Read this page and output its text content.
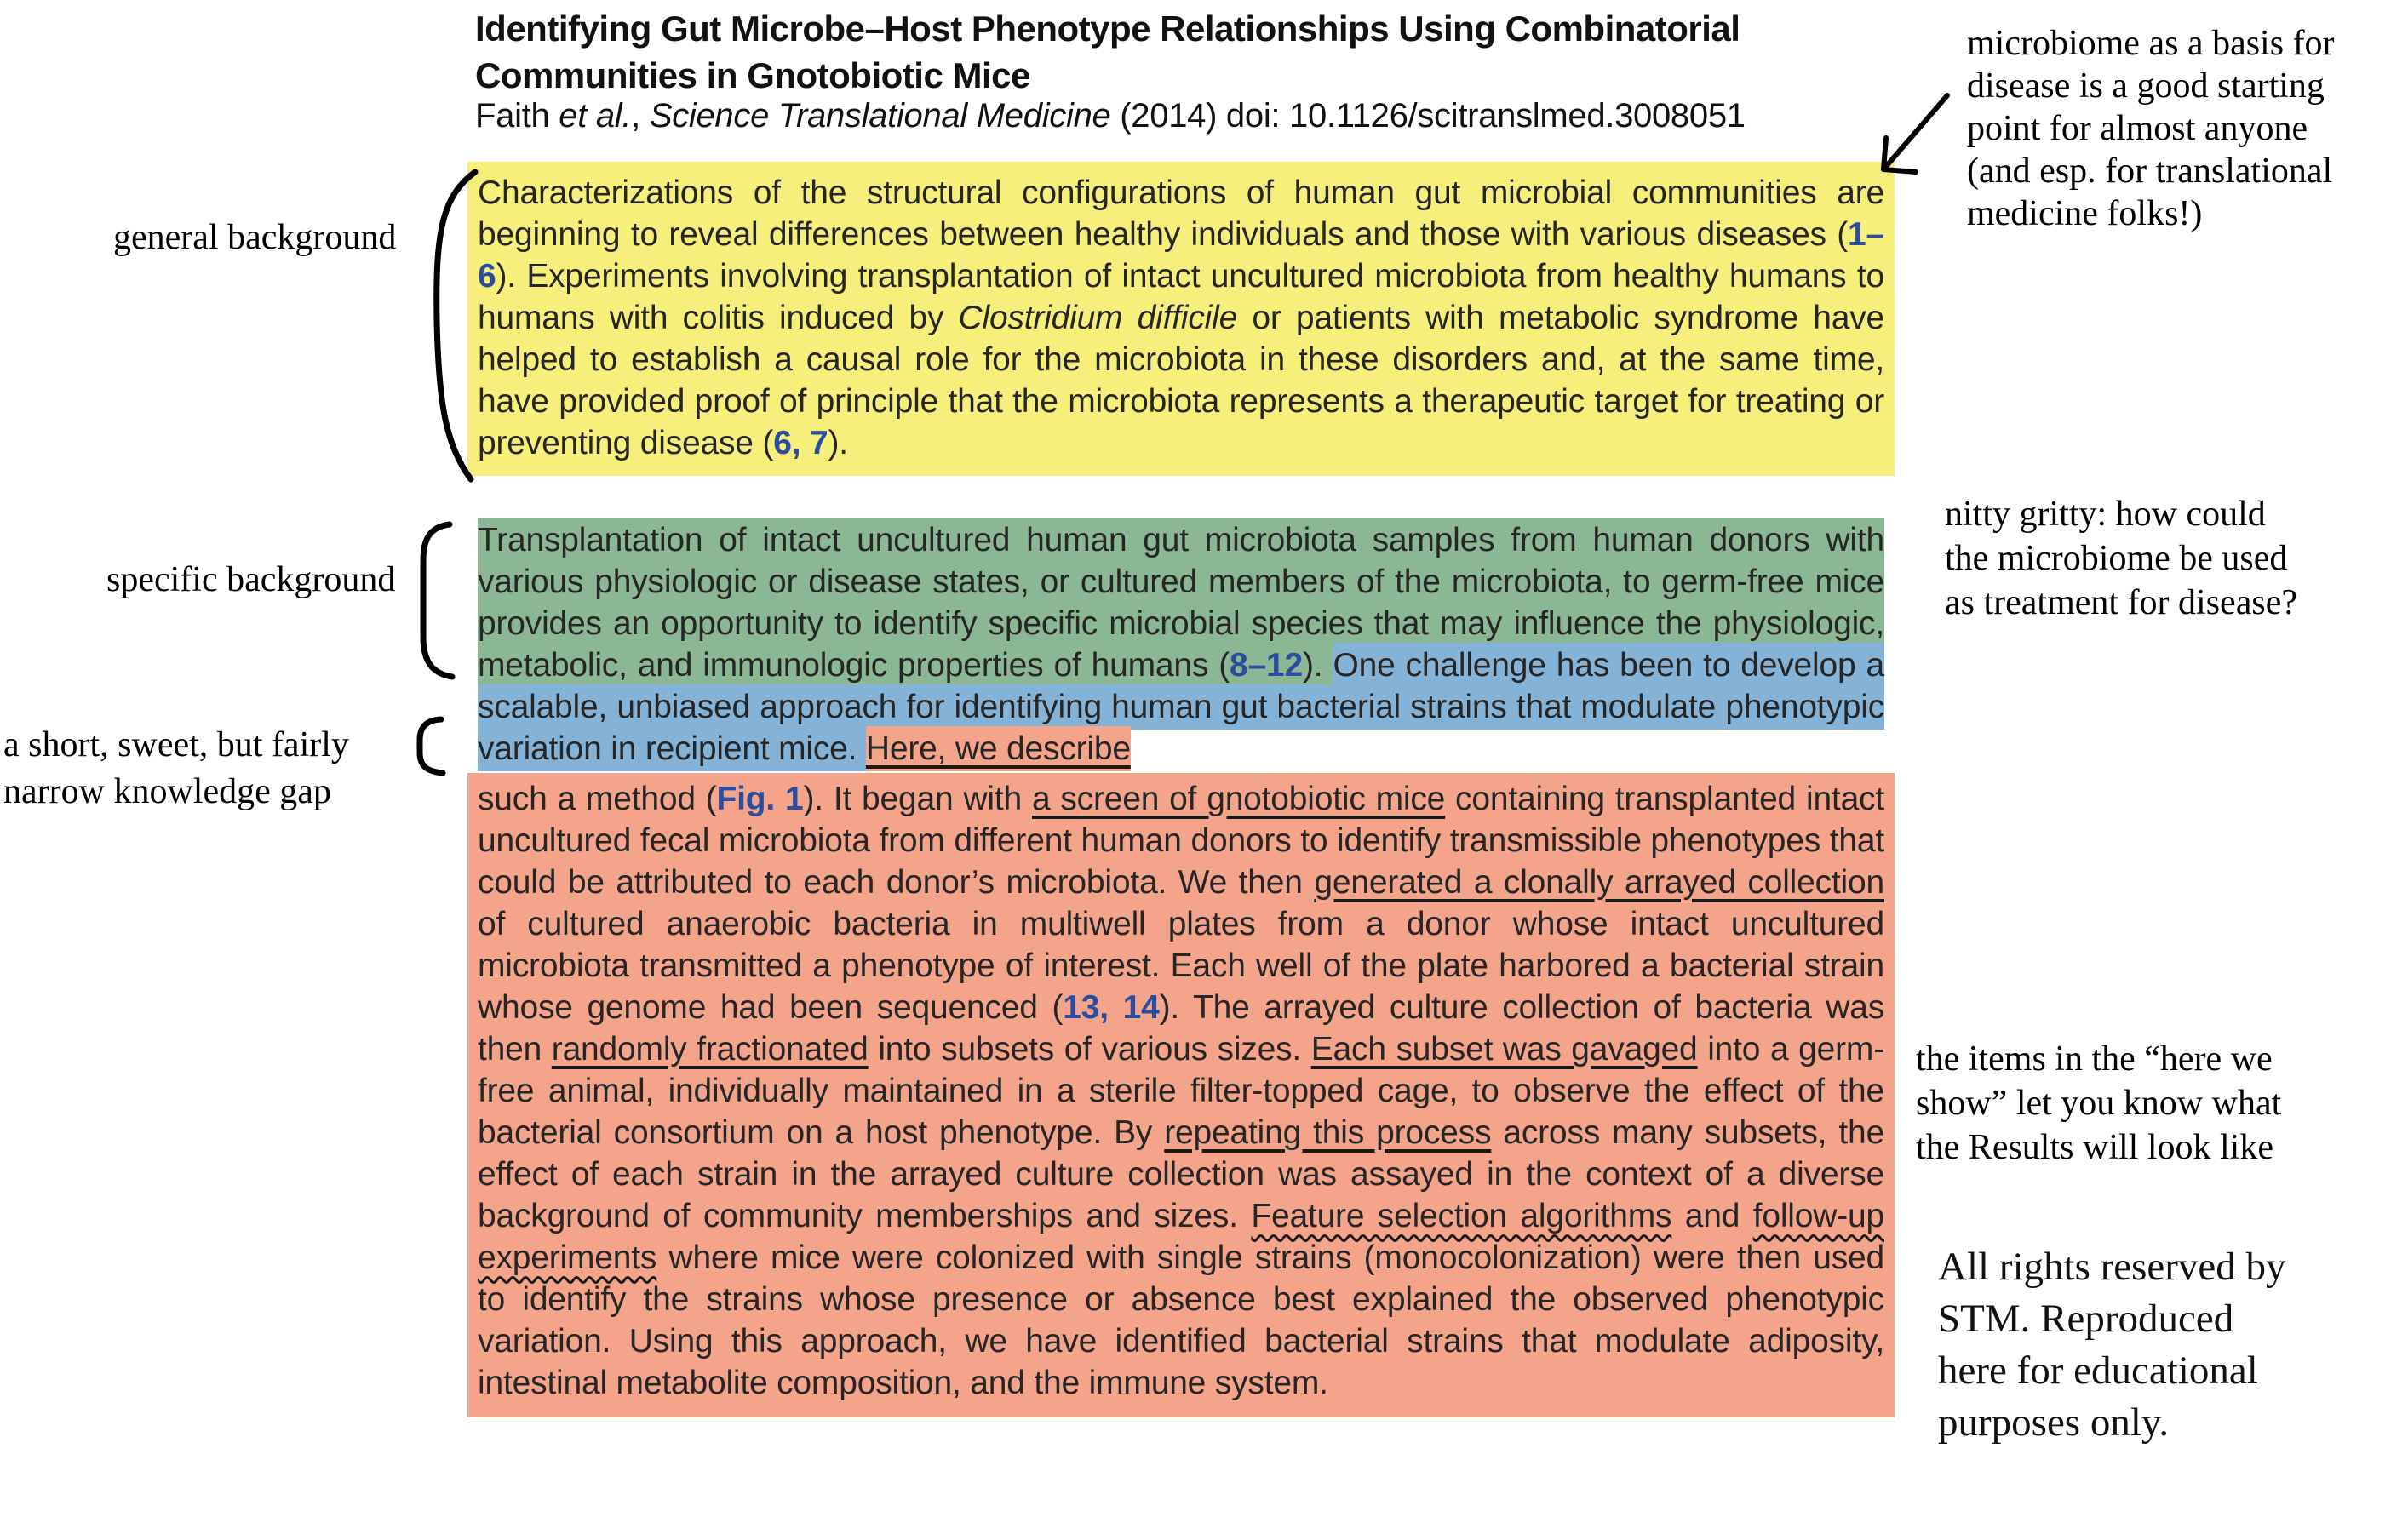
Identifying Gut Microbe–Host Phenotype Relationships Using Combinatorial
Communities in Gnotobiotic Mice
Faith et al., Science Translational Medicine (2014) doi: 10.1126/scitranslmed.3008051
Characterizations of the structural configurations of human gut microbial communities are beginning to reveal differences between healthy individuals and those with various diseases (1–6). Experiments involving transplantation of intact uncultured microbiota from healthy humans to humans with colitis induced by Clostridium difficile or patients with metabolic syndrome have helped to establish a causal role for the microbiota in these disorders and, at the same time, have provided proof of principle that the microbiota represents a therapeutic target for treating or preventing disease (6, 7).
Transplantation of intact uncultured human gut microbiota samples from human donors with various physiologic or disease states, or cultured members of the microbiota, to germ-free mice provides an opportunity to identify specific microbial species that may influence the physiologic, metabolic, and immunologic properties of humans (8–12). One challenge has been to develop a scalable, unbiased approach for identifying human gut bacterial strains that modulate phenotypic variation in recipient mice. Here, we describe
such a method (Fig. 1). It began with a screen of gnotobiotic mice containing transplanted intact uncultured fecal microbiota from different human donors to identify transmissible phenotypes that could be attributed to each donor’s microbiota. We then generated a clonally arrayed collection of cultured anaerobic bacteria in multiwell plates from a donor whose intact uncultured microbiota transmitted a phenotype of interest. Each well of the plate harbored a bacterial strain whose genome had been sequenced (13, 14). The arrayed culture collection of bacteria was then randomly fractionated into subsets of various sizes. Each subset was gavaged into a germ-free animal, individually maintained in a sterile filter-topped cage, to observe the effect of the bacterial consortium on a host phenotype. By repeating this process across many subsets, the effect of each strain in the arrayed culture collection was assayed in the context of a diverse background of community memberships and sizes. Feature selection algorithms and follow-up experiments where mice were colonized with single strains (monocolonization) were then used to identify the strains whose presence or absence best explained the observed phenotypic variation. Using this approach, we have identified bacterial strains that modulate adiposity, intestinal metabolite composition, and the immune system.
general background
specific background
a short, sweet, but fairly
narrow knowledge gap
microbiome as a basis for
disease is a good starting
point for almost anyone
(and esp. for translational
medicine folks!)
nitty gritty: how could
the microbiome be used
as treatment for disease?
the items in the “here we
show” let you know what
the Results will look like
All rights reserved by
STM. Reproduced
here for educational
purposes only.
